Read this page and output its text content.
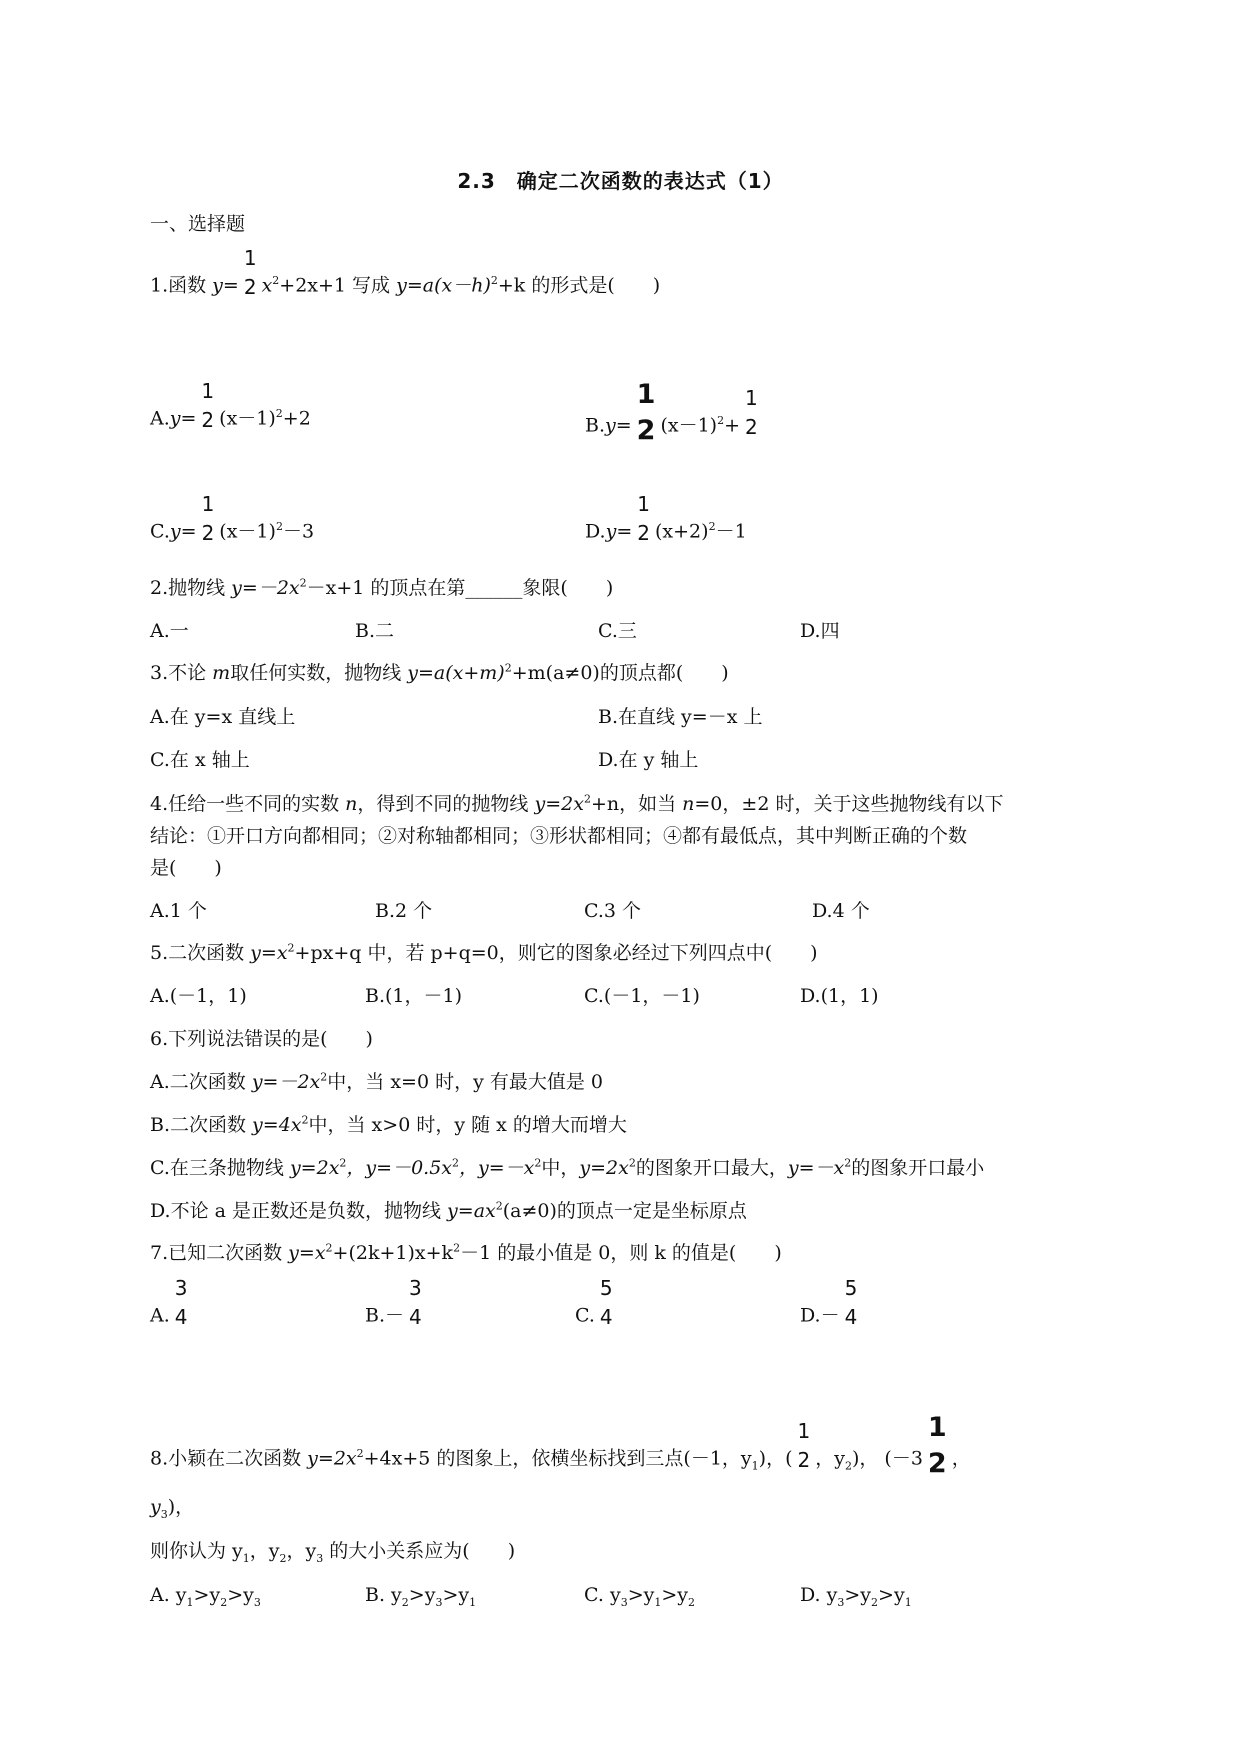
2.3　确定二次函数的表达式（1）
一、选择题
1.函数 y=
1
2 $x^2+2x+1$ 写成 $y=a(x-h)^2+k$ 的形式是(　　)
A.y=
1
2 $(x-1)^2+2$	B.y=
1
2 $(x-1)^2+$
1
2
C.y=
1
2 $(x-1)^2-3$	D.y=
1
2 $(x+2)^2-1$
2.抛物线 $y=-2x^2-x+1$ 的顶点在第______象限(　　)
A.一	B.二	C.三	D.四
3.不论 m取任何实数，抛物线 $y=a(x+m)^2+m(a\ne 0)$的顶点都(　　)
A.在 y=x 直线上	B.在直线 y=－x 上
C.在 x 轴上	D.在 y 轴上
4.任给一些不同的实数 n，得到不同的抛物线 $y=2x^2+n$，如当 n=0，±2 时，关于这些抛物线有以下
结论：①开口方向都相同；②对称轴都相同；③形状都相同；④都有最低点，其中判断正确的个数
是(　　)
A.1 个	B.2 个	C.3 个	D.4 个
5.二次函数 $y=x^2+px+q$ 中，若 p+q=0，则它的图象必经过下列四点中(　　)
A.(－1，1)	B.(1，－1)	C.(－1，－1)	D.(1，1)
6.下列说法错误的是(　　)
A.二次函数 $y=-2x^2$中，当 x=0 时，y 有最大值是 0
B.二次函数 $y=4x^2$中，当 x>0 时，y 随 x 的增大而增大
C.在三条抛物线 $y=2x^2$，$y=-0.5x^2$，$y=-x^2$中，$y=2x^2$的图象开口最大，$y=-x^2$的图象开口最小
D.不论 a 是正数还是负数，抛物线 $y=ax^2(a\ne 0)$的顶点一定是坐标原点
7.已知二次函数 $y=x^2+(2k+1)x+k^2-1$ 的最小值是 0，则 k 的值是(　　)
A.
3
4	B.－
3
4	C.
5
4	D.－
5
4
8.小颖在二次函数 $y=2x^2+4x+5$ 的图象上，依横坐标找到三点(－1，$y_1$)，(
1
2 ，$y_2$)， (－3
1
2 ，
$y_3$)，
则你认为 $y_1$，$y_2$，$y_3$ 的大小关系应为(　　)
A. $y_1>y_2>y_3$	B. $y_2>y_3>y_1$	C. $y_3>y_1>y_2$	D. $y_3>y_2>y_1$
